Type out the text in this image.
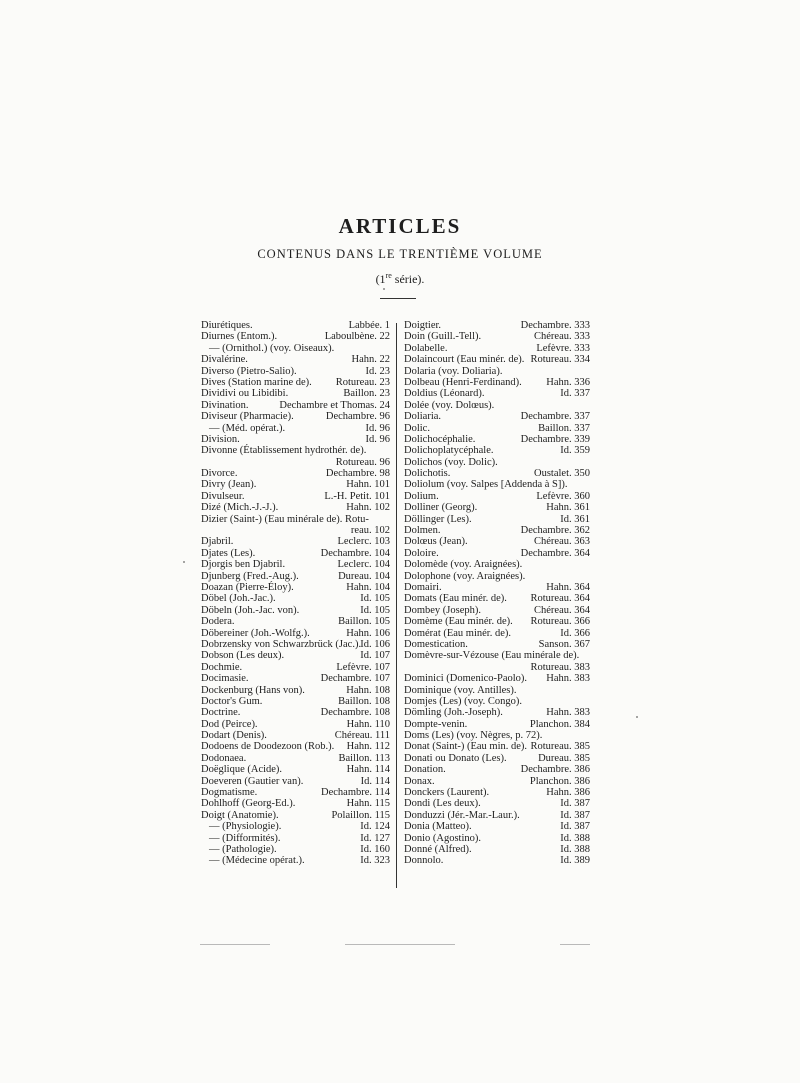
ARTICLES
CONTENUS DANS LE TRENTIÈME VOLUME
(1re série).
Diurétiques.	Labbée. 1
Diurnes (Entom.).	Laboulbène. 22
— (Ornithol.) (voy. Oiseaux).
Divalérine.	Hahn. 22
Diverso (Pietro-Salio).	Id. 23
Dives (Station marine de). Rotureau. 23
Dividivi ou Libidibi.	Baillon. 23
Divination.	Dechambre et Thomas. 24
Diviseur (Pharmacie).	Dechambre. 96
— (Méd. opérat.).	Id. 96
Division.	Id. 96
Divonne (Établissement hydrothér. de).
Rotureau. 96
Divorce.	Dechambre. 98
Divry (Jean).	Hahn. 101
Divulseur.	L.-H. Petit. 101
Dizé (Mich.-J.-J.).	Hahn. 102
Dizier (Saint-) (Eau minérale de). Rotu-
reau. 102
Djabril.	Leclerc. 103
Djates (Les).	Dechambre. 104
Djorgis ben Djabril.	Leclerc. 104
Djunberg (Fred.-Aug.).	Dureau. 104
Doazan (Pierre-Éloy).	Hahn. 104
Döbel (Joh.-Jac.).	Id. 105
Döbeln (Joh.-Jac. von).	Id. 105
Dodera.	Baillon. 105
Döbereiner (Joh.-Wolfg.).	Hahn. 106
Dobrzensky von Schwarzbrück (Jac.). Id. 106
Dobson (Les deux).	Id. 107
Dochmie.	Lefèvre. 107
Docimasie.	Dechambre. 107
Dockenburg (Hans von).	Hahn. 108
Doctor's Gum.	Baillon. 108
Doctrine.	Dechambre. 108
Dod (Peirce).	Hahn. 110
Dodart (Denis).	Chéreau. 111
Dodoens de Doodezoon (Rob.). Hahn. 112
Dodonaea.	Baillon. 113
Doëglique (Acide).	Hahn. 114
Doeveren (Gautier van).	Id. 114
Dogmatisme.	Dechambre. 114
Dohlhoff (Georg-Ed.).	Hahn. 115
Doigt (Anatomie).	Polaillon. 115
— (Physiologie).	Id. 124
— (Difformités).	Id. 127
— (Pathologie).	Id. 160
— (Médecine opérat.).	Id. 323
Doigtier.	Dechambre. 333
Doin (Guill.-Tell).	Chéreau. 333
Dolabelle.	Lefèvre. 333
Dolaincourt (Eau minér. de). Rotureau. 334
Dolaria (voy. Doliaria).
Dolbeau (Henri-Ferdinand). Hahn. 336
Doldius (Léonard).	Id. 337
Dolée (voy. Dolœus).
Doliaria.	Dechambre. 337
Dolic.	Baillon. 337
Dolichocéphalie.	Dechambre. 339
Dolichoplatycéphale.	Id. 359
Dolichos (voy. Dolic).
Dolichotis.	Oustalet. 350
Doliolum (voy. Salpes [Addenda à S]).
Dolium.	Lefèvre. 360
Dolliner (Georg).	Hahn. 361
Döllinger (Les).	Id. 361
Dolmen.	Dechambre. 362
Dolœus (Jean).	Chéreau. 363
Doloire.	Dechambre. 364
Dolomède (voy. Araignées).
Dolophone (voy. Araignées).
Domairi.	Hahn. 364
Domats (Eau minér. de). Rotureau. 364
Dombey (Joseph).	Chéreau. 364
Domème (Eau minér. de). Rotureau. 366
Domérat (Eau minér. de).	Id. 366
Domestication.	Sanson. 367
Domèvre-sur-Vézouse (Eau minérale de).
Rotureau. 383
Dominici (Domenico-Paolo). Hahn. 383
Dominique (voy. Antilles).
Domjes (Les) (voy. Congo).
Dömling (Joh.-Joseph).	Hahn. 383
Dompte-venin.	Planchon. 384
Doms (Les) (voy. Nègres, p. 72).
Donat (Saint-) (Eau min. de). Rotureau. 385
Donati ou Donato (Les).	Dureau. 385
Donation.	Dechambre. 386
Donax.	Planchon. 386
Donckers (Laurent).	Hahn. 386
Dondi (Les deux).	Id. 387
Donduzzi (Jér.-Mar.-Laur.).	Id. 387
Donia (Matteo).	Id. 387
Donio (Agostino).	Id. 388
Donné (Alfred).	Id. 388
Donnolo.	Id. 389
